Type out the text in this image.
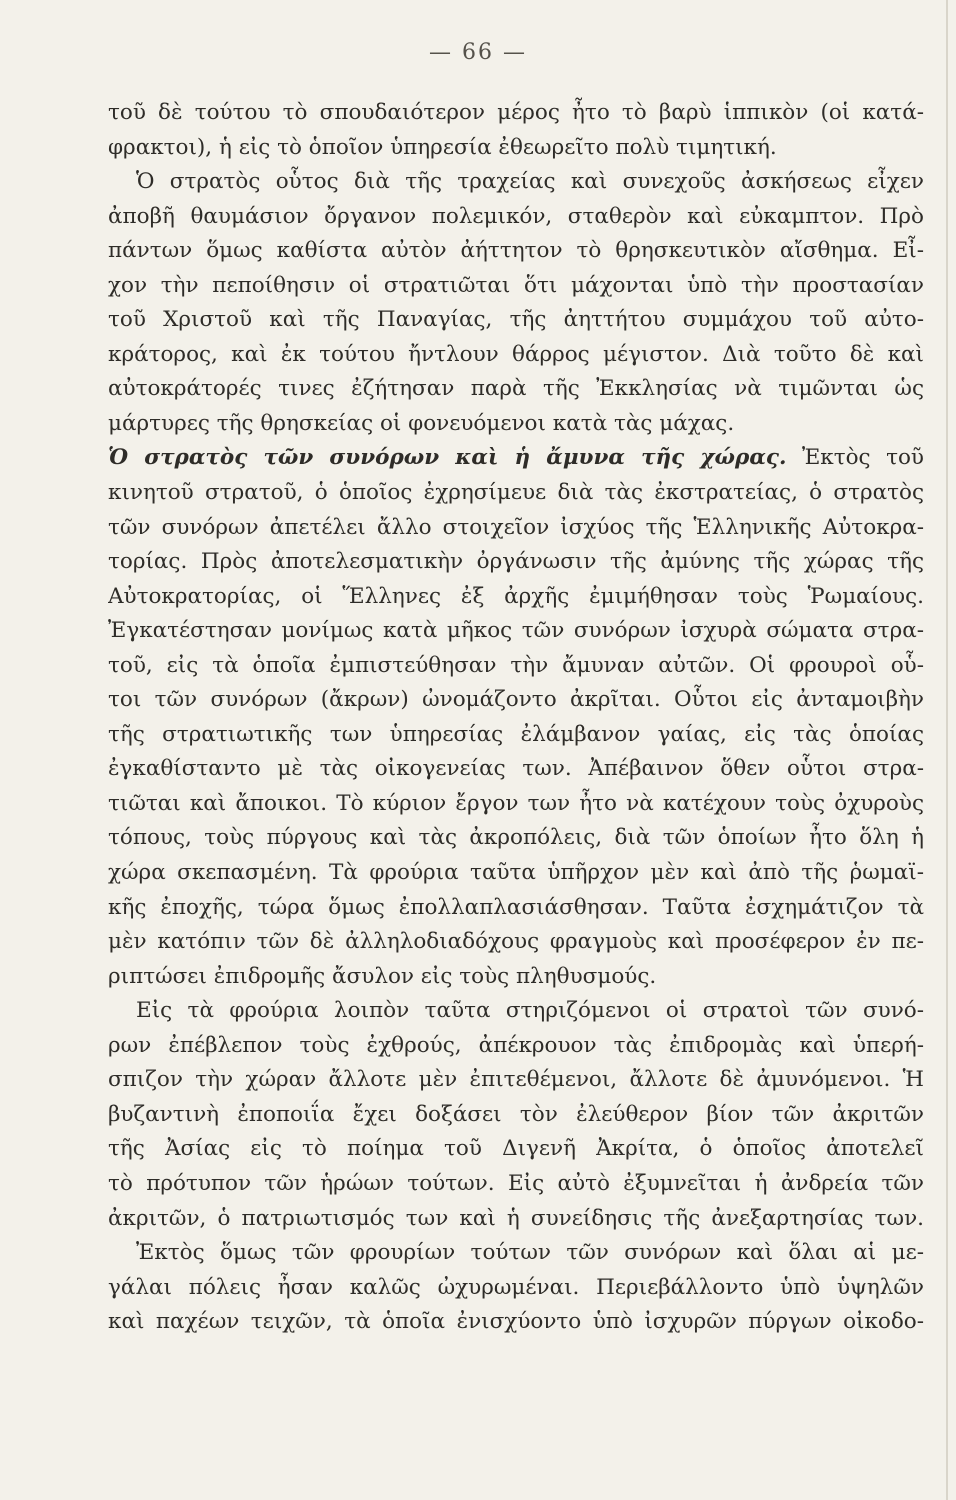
— 66 —
τοῦ δὲ τούτου τὸ σπουδαιότερον μέρος ἦτο τὸ βαρὺ ἱππικὸν (οἱ κατά-
φρακτοι), ἡ εἰς τὸ ὁποῖον ὑπηρεσία ἐθεωρεῖτο πολὺ τιμητική.
Ὁ στρατὸς οὗτος διὰ τῆς τραχείας καὶ συνεχοῦς ἀσκήσεως εἶχεν
ἀποβῆ θαυμάσιον ὄργανον πολεμικόν, σταθερὸν καὶ εὐκαμπτον. Πρὸ
πάντων ὅμως καθίστα αὐτὸν ἀήττητον τὸ θρησκευτικὸν αἴσθημα. Εἶ-
χον τὴν πεποίθησιν οἱ στρατιῶται ὅτι μάχονται ὑπὸ τὴν προστασίαν
τοῦ Χριστοῦ καὶ τῆς Παναγίας, τῆς ἀηττήτου συμμάχου τοῦ αὐτο-
κράτορος, καὶ ἐκ τούτου ἤντλουν θάρρος μέγιστον. Διὰ τοῦτο δὲ καὶ
αὐτοκράτορές τινες ἐζήτησαν παρὰ τῆς Ἐκκλησίας νὰ τιμῶνται ὡς
μάρτυρες τῆς θρησκείας οἱ φονευόμενοι κατὰ τὰς μάχας.
Ὁ στρατὸς τῶν συνόρων καὶ ἡ ἄμυνα τῆς χώρας. Ἐκτὸς τοῦ
κινητοῦ στρατοῦ, ὁ ὁποῖος ἐχρησίμευε διὰ τὰς ἐκστρατείας, ὁ στρατὸς
τῶν συνόρων ἀπετέλει ἄλλο στοιχεῖον ἰσχύος τῆς Ἑλληνικῆς Αὐτοκρα-
τορίας. Πρὸς ἀποτελεσματικὴν ὀργάνωσιν τῆς ἀμύνης τῆς χώρας τῆς
Αὐτοκρατορίας, οἱ Ἕλληνες ἐξ ἀρχῆς ἐμιμήθησαν τοὺς Ῥωμαίους.
Ἐγκατέστησαν μονίμως κατὰ μῆκος τῶν συνόρων ἰσχυρὰ σώματα στρα-
τοῦ, εἰς τὰ ὁποῖα ἐμπιστεύθησαν τὴν ἄμυναν αὐτῶν. Οἱ φρουροὶ οὗ-
τοι τῶν συνόρων (ἄκρων) ὠνομάζοντο ἀκρῖται. Οὗτοι εἰς ἀνταμοιβὴν
τῆς στρατιωτικῆς των ὑπηρεσίας ἐλάμβανον γαίας, εἰς τὰς ὁποίας
ἐγκαθίσταντο μὲ τὰς οἰκογενείας των. Ἀπέβαινον ὅθεν οὗτοι στρα-
τιῶται καὶ ἄποικοι. Τὸ κύριον ἔργον των ἦτο νὰ κατέχουν τοὺς ὀχυροὺς
τόπους, τοὺς πύργους καὶ τὰς ἀκροπόλεις, διὰ τῶν ὁποίων ἦτο ὅλη ἡ
χώρα σκεπασμένη. Τὰ φρούρια ταῦτα ὑπῆρχον μὲν καὶ ἀπὸ τῆς ῥωμαϊ-
κῆς ἐποχῆς, τώρα ὅμως ἐπολλαπλασιάσθησαν. Ταῦτα ἐσχημάτιζον τὰ
μὲν κατόπιν τῶν δὲ ἀλληλοδιαδόχους φραγμοὺς καὶ προσέφερον ἐν πε-
ριπτώσει ἐπιδρομῆς ἄσυλον εἰς τοὺς πληθυσμούς.
Εἰς τὰ φρούρια λοιπὸν ταῦτα στηριζόμενοι οἱ στρατοὶ τῶν συνό-
ρων ἐπέβλεπον τοὺς ἐχθρούς, ἀπέκρουον τὰς ἐπιδρομὰς καὶ ὑπερή-
σπιζον τὴν χώραν ἄλλοτε μὲν ἐπιτεθέμενοι, ἄλλοτε δὲ ἀμυνόμενοι. Ἡ
βυζαντινὴ ἐποποιΐα ἔχει δοξάσει τὸν ἐλεύθερον βίον τῶν ἀκριτῶν
τῆς Ἀσίας εἰς τὸ ποίημα τοῦ Διγενῆ Ἀκρίτα, ὁ ὁποῖος ἀποτελεῖ
τὸ πρότυπον τῶν ἡρώων τούτων. Εἰς αὐτὸ ἐξυμνεῖται ἡ ἀνδρεία τῶν
ἀκριτῶν, ὁ πατριωτισμός των καὶ ἡ συνείδησις τῆς ἀνεξαρτησίας των.
Ἐκτὸς ὅμως τῶν φρουρίων τούτων τῶν συνόρων καὶ ὅλαι αἱ με-
γάλαι πόλεις ἦσαν καλῶς ὠχυρωμέναι. Περιεβάλλοντο ὑπὸ ὑψηλῶν
καὶ παχέων τειχῶν, τὰ ὁποῖα ἐνισχύοντο ὑπὸ ἰσχυρῶν πύργων οἰκοδο-
